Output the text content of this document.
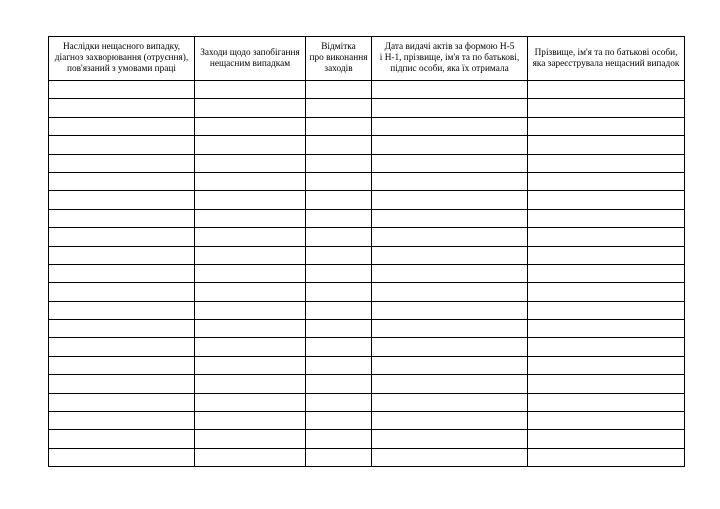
Наслідки нещасного випадку,
діагноз захворювання (отруєння),
пов'язаний з умовами праці	Заходи щодо запобігання
нещасним випадкам	Відмітка
про виконання
заходів	Дата видачі актів за формою Н-5
і Н-1, прізвище, ім'я та по батькові,
підпис особи, яка їх отримала	Прізвище, ім'я та по батькові особи,
яка зареєструвала нещасний випадок
